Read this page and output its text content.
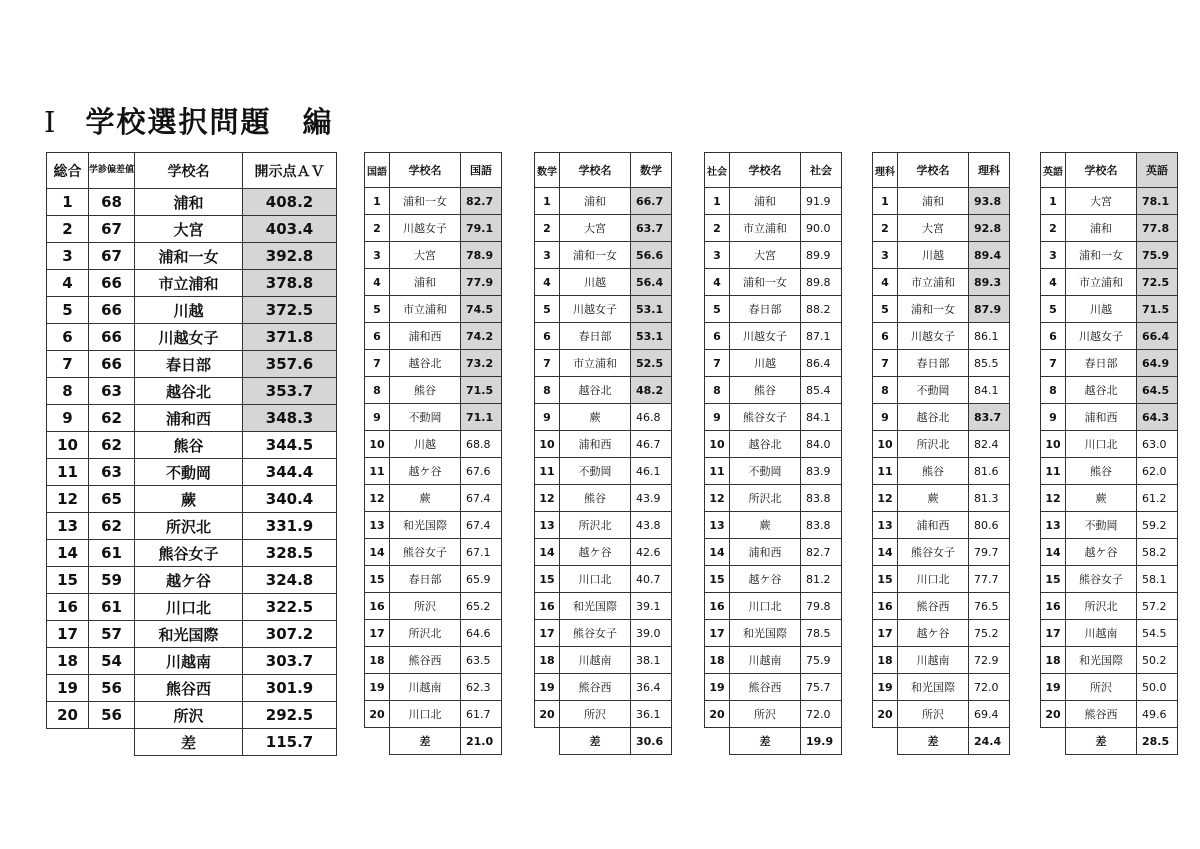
Ⅰ 学校選択問題　編
総合	学診偏差値	学校名	開示点ＡＶ
1	68	浦和	408.2
2	67	大宮	403.4
3	67	浦和一女	392.8
4	66	市立浦和	378.8
5	66	川越	372.5
6	66	川越女子	371.8
7	66	春日部	357.6
8	63	越谷北	353.7
9	62	浦和西	348.3
10	62	熊谷	344.5
11	63	不動岡	344.4
12	65	蕨	340.4
13	62	所沢北	331.9
14	61	熊谷女子	328.5
15	59	越ケ谷	324.8
16	61	川口北	322.5
17	57	和光国際	307.2
18	54	川越南	303.7
19	56	熊谷西	301.9
20	56	所沢	292.5
		差	115.7
国語	学校名	国語
1	浦和一女	82.7
2	川越女子	79.1
3	大宮	78.9
4	浦和	77.9
5	市立浦和	74.5
6	浦和西	74.2
7	越谷北	73.2
8	熊谷	71.5
9	不動岡	71.1
10	川越	68.8
11	越ケ谷	67.6
12	蕨	67.4
13	和光国際	67.4
14	熊谷女子	67.1
15	春日部	65.9
16	所沢	65.2
17	所沢北	64.6
18	熊谷西	63.5
19	川越南	62.3
20	川口北	61.7
	差	21.0
数学	学校名	数学
1	浦和	66.7
2	大宮	63.7
3	浦和一女	56.6
4	川越	56.4
5	川越女子	53.1
6	春日部	53.1
7	市立浦和	52.5
8	越谷北	48.2
9	蕨	46.8
10	浦和西	46.7
11	不動岡	46.1
12	熊谷	43.9
13	所沢北	43.8
14	越ケ谷	42.6
15	川口北	40.7
16	和光国際	39.1
17	熊谷女子	39.0
18	川越南	38.1
19	熊谷西	36.4
20	所沢	36.1
	差	30.6
社会	学校名	社会
1	浦和	91.9
2	市立浦和	90.0
3	大宮	89.9
4	浦和一女	89.8
5	春日部	88.2
6	川越女子	87.1
7	川越	86.4
8	熊谷	85.4
9	熊谷女子	84.1
10	越谷北	84.0
11	不動岡	83.9
12	所沢北	83.8
13	蕨	83.8
14	浦和西	82.7
15	越ケ谷	81.2
16	川口北	79.8
17	和光国際	78.5
18	川越南	75.9
19	熊谷西	75.7
20	所沢	72.0
	差	19.9
理科	学校名	理科
1	浦和	93.8
2	大宮	92.8
3	川越	89.4
4	市立浦和	89.3
5	浦和一女	87.9
6	川越女子	86.1
7	春日部	85.5
8	不動岡	84.1
9	越谷北	83.7
10	所沢北	82.4
11	熊谷	81.6
12	蕨	81.3
13	浦和西	80.6
14	熊谷女子	79.7
15	川口北	77.7
16	熊谷西	76.5
17	越ケ谷	75.2
18	川越南	72.9
19	和光国際	72.0
20	所沢	69.4
	差	24.4
英語	学校名	英語
1	大宮	78.1
2	浦和	77.8
3	浦和一女	75.9
4	市立浦和	72.5
5	川越	71.5
6	川越女子	66.4
7	春日部	64.9
8	越谷北	64.5
9	浦和西	64.3
10	川口北	63.0
11	熊谷	62.0
12	蕨	61.2
13	不動岡	59.2
14	越ケ谷	58.2
15	熊谷女子	58.1
16	所沢北	57.2
17	川越南	54.5
18	和光国際	50.2
19	所沢	50.0
20	熊谷西	49.6
	差	28.5
